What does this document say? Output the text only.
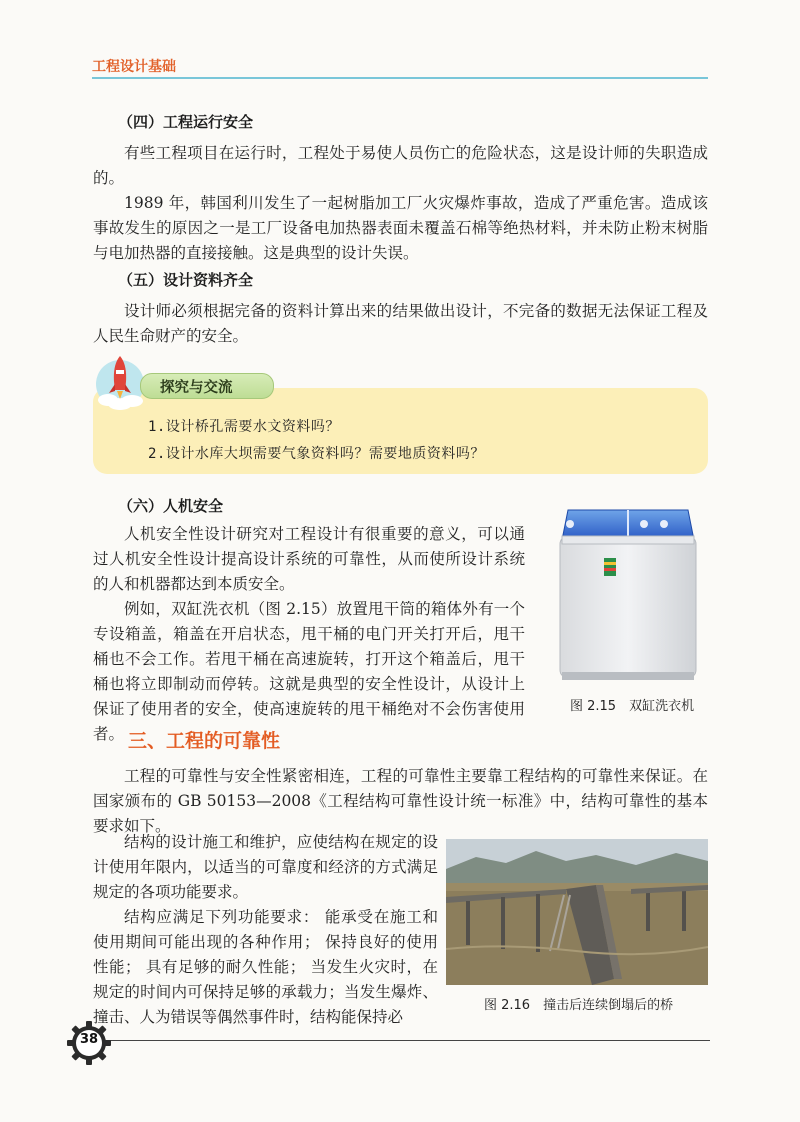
工程设计基础
（四）工程运行安全

有些工程项目在运行时，工程处于易使人员伤亡的危险状态，这是设计师的失职造成的。

1989 年，韩国利川发生了一起树脂加工厂火灾爆炸事故，造成了严重危害。造成该事故发生的原因之一是工厂设备电加热器表面未覆盖石棉等绝热材料，并未防止粉末树脂与电加热器的直接接触。这是典型的设计失误。

（五）设计资料齐全

设计师必须根据完备的资料计算出来的结果做出设计，不完备的数据无法保证工程及人民生命财产的安全。

探究与交流
1.设计桥孔需要水文资料吗？
2.设计水库大坝需要气象资料吗？需要地质资料吗？
（六）人机安全

人机安全性设计研究对工程设计有很重要的意义，可以通过人机安全性设计提高设计系统的可靠性，从而使所设计系统的人和机器都达到本质安全。

例如，双缸洗衣机（图 2.15）放置甩干筒的箱体外有一个专设箱盖，箱盖在开启状态，甩干桶的电门开关打开后，甩干桶也不会工作。若甩干桶在高速旋转，打开这个箱盖后，甩干桶也将立即制动而停转。这就是典型的安全性设计，从设计上保证了使用者的安全，使高速旋转的甩干桶绝对不会伤害使用者。

图 2.15　双缸洗衣机
三、工程的可靠性

工程的可靠性与安全性紧密相连，工程的可靠性主要靠工程结构的可靠性来保证。在国家颁布的 GB 50153—2008《工程结构可靠性设计统一标准》中，结构可靠性的基本要求如下。

结构的设计施工和维护，应使结构在规定的设计使用年限内，以适当的可靠度和经济的方式满足规定的各项功能要求。

结构应满足下列功能要求： 能承受在施工和使用期间可能出现的各种作用； 保持良好的使用性能； 具有足够的耐久性能； 当发生火灾时，在规定的时间内可保持足够的承载力；当发生爆炸、撞击、人为错误等偶然事件时，结构能保持必

图 2.16　撞击后连续倒塌后的桥
38
